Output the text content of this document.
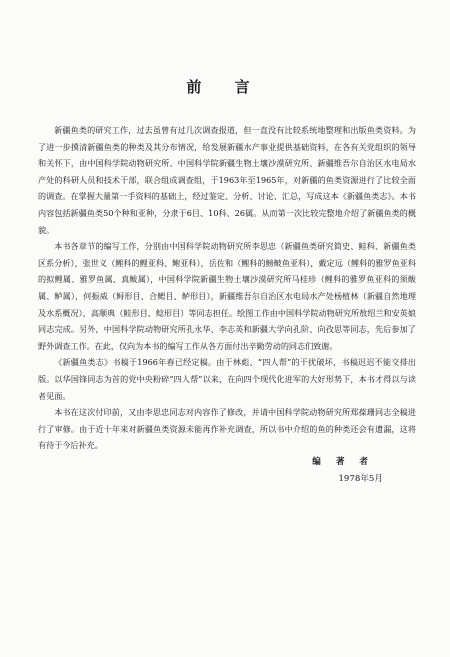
前 言

新疆鱼类的研究工作，过去虽曾有过几次调查报道，但一直没有比较系统地整理和出版鱼类资料。为了进一步摸清新疆鱼类的种类及其分布情况，给发展新疆水产事业提供基础资料，在各有关党组织的领导和关怀下，由中国科学院动物研究所、中国科学院新疆生物土壤沙漠研究所、新疆维吾尔自治区水电局水产处的科研人员和技术干部，联合组成调查组，于1963年至1965年，对新疆的鱼类资源进行了比较全面的调查。在掌握大量第一手资料的基础上，经过鉴定、分析、讨论、汇总，写成这本《新疆鱼类志》。本书内容包括新疆鱼类50个种和亚种，分隶于6目、10科、26属。从而第一次比较完整地介绍了新疆鱼类的概貌。

本书各章节的编写工作，分别由中国科学院动物研究所李思忠（新疆鱼类研究简史、鲑科、新疆鱼类区系分析），张世义（鲤科的鲤亚科、鲍亚科），岳佐和（鲤科的鳑鲏鱼亚科），戴定远（鲤科的雅罗鱼亚科的拟鲤属、雅罗鱼属、真鲅属），中国科学院新疆生物土壤沙漠研究所马桂珍（鲤科的雅罗鱼亚科的须鲅属、鲈属），何振威（鲟形目、合鳃目、鲈形目），新疆维吾尔自治区水电局水产处杨植林（新疆自然地理及水系概况），高顺典（鲑形目、鲶形目）等同志担任。绘图工作由中国科学院动物研究所敖绍兰和安英娘同志完成。另外，中国科学院动物研究所孔永华、李志英和新疆大学向孔阶、向孜思等同志，先后参加了野外调查工作。在此，仅向为本书的编写工作从各方面付出辛勤劳动的同志们致谢。

《新疆鱼类志》书稿于1966年春已经定稿。由于林彪、“四人帮”的干扰破坏，书稿迟迟不能交排出版。以华国锋同志为首的党中央粉碎“四人帮”以来，在向四个现代化进军的大好形势下，本书才得以与读者见面。

本书在这次付印前，又由李思忠同志对内容作了修改，并请中国科学院动物研究所郑葆珊同志全稿进行了审修。由于近十年来对新疆鱼类资源未能再作补充调查，所以书中介绍的鱼的种类还会有遗漏，这将有待于今后补充。

编 著 者
1978年5月
